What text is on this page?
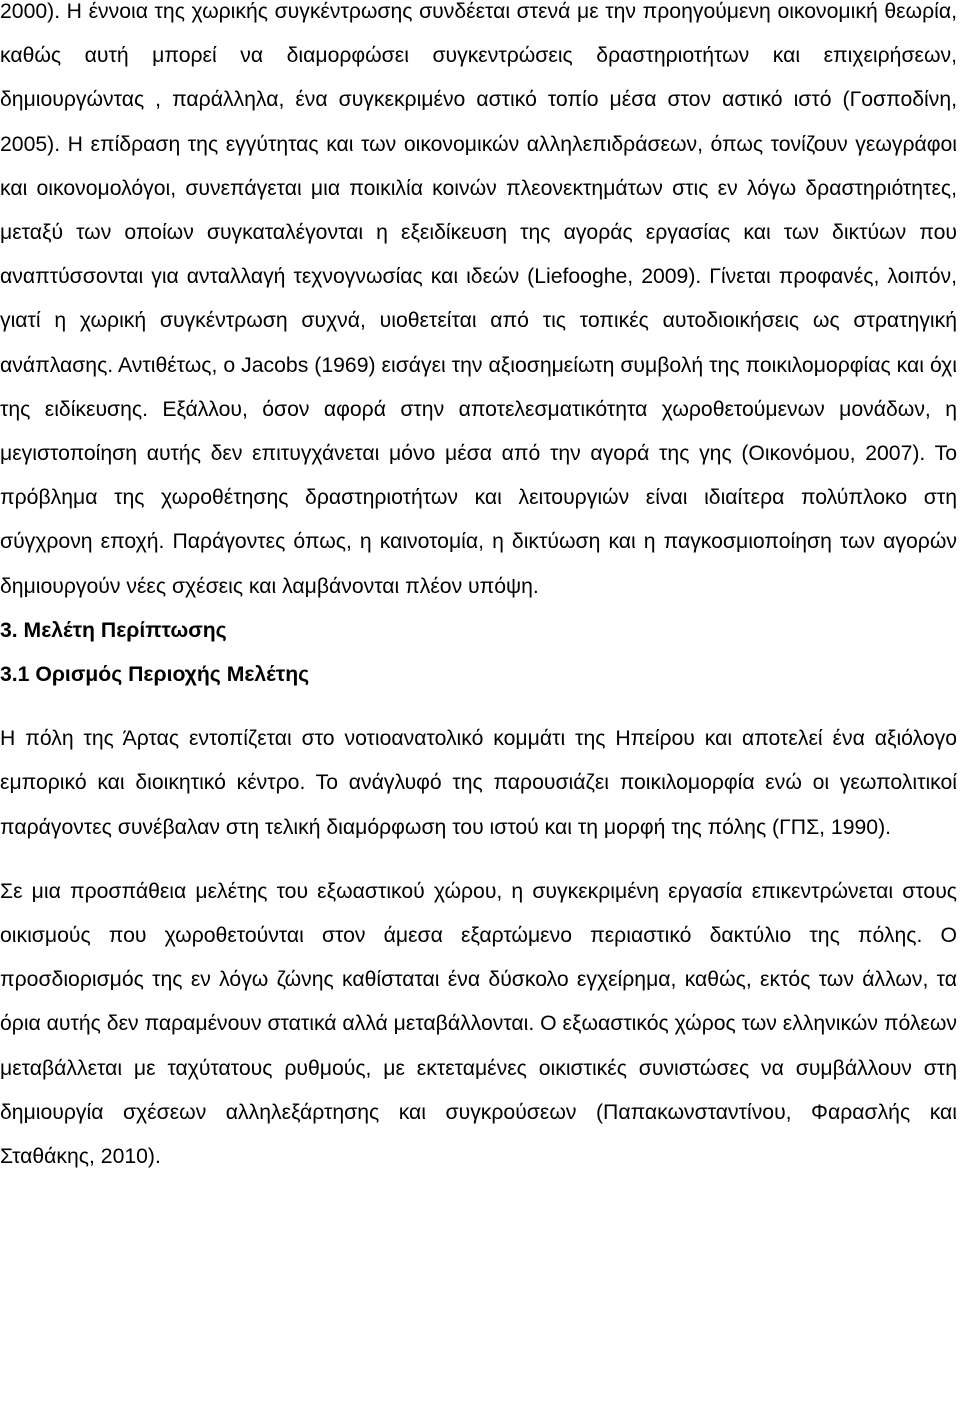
2000). Η έννοια της χωρικής συγκέντρωσης συνδέεται στενά με την προηγούμενη οικονομική θεωρία, καθώς αυτή μπορεί να διαμορφώσει συγκεντρώσεις δραστηριοτήτων και επιχειρήσεων, δημιουργώντας , παράλληλα, ένα συγκεκριμένο αστικό τοπίο μέσα στον αστικό ιστό (Γοσποδίνη, 2005). Η επίδραση της εγγύτητας και των οικονομικών αλληλεπιδράσεων, όπως τονίζουν γεωγράφοι και οικονομολόγοι, συνεπάγεται μια ποικιλία κοινών πλεονεκτημάτων στις εν λόγω δραστηριότητες, μεταξύ των οποίων συγκαταλέγονται η εξειδίκευση της αγοράς εργασίας και των δικτύων που αναπτύσσονται για ανταλλαγή τεχνογνωσίας και ιδεών (Liefooghe, 2009). Γίνεται προφανές, λοιπόν, γιατί η χωρική συγκέντρωση συχνά, υιοθετείται από τις τοπικές αυτοδιοικήσεις ως στρατηγική ανάπλασης. Αντιθέτως, ο Jacobs (1969) εισάγει την αξιοσημείωτη συμβολή της ποικιλομορφίας και όχι της ειδίκευσης. Εξάλλου, όσον αφορά στην αποτελεσματικότητα χωροθετούμενων μονάδων, η μεγιστοποίηση αυτής δεν επιτυγχάνεται μόνο μέσα από την αγορά της γης (Οικονόμου, 2007). Το πρόβλημα της χωροθέτησης δραστηριοτήτων και λειτουργιών είναι ιδιαίτερα πολύπλοκο στη σύγχρονη εποχή. Παράγοντες όπως, η καινοτομία, η δικτύωση και η παγκοσμιοποίηση των αγορών δημιουργούν νέες σχέσεις και λαμβάνονται πλέον υπόψη.

3. Μελέτη Περίπτωσης

3.1 Ορισμός Περιοχής Μελέτης

Η πόλη της Άρτας εντοπίζεται στο νοτιοανατολικό κομμάτι της Ηπείρου και αποτελεί ένα αξιόλογο εμπορικό και διοικητικό κέντρο. Το ανάγλυφό της παρουσιάζει ποικιλομορφία ενώ οι γεωπολιτικοί παράγοντες συνέβαλαν στη τελική διαμόρφωση του ιστού και τη μορφή της πόλης (ΓΠΣ, 1990).

Σε μια προσπάθεια μελέτης του εξωαστικού χώρου, η συγκεκριμένη εργασία επικεντρώνεται στους οικισμούς που χωροθετούνται στον άμεσα εξαρτώμενο περιαστικό δακτύλιο της πόλης. Ο προσδιορισμός της εν λόγω ζώνης καθίσταται ένα δύσκολο εγχείρημα, καθώς, εκτός των άλλων, τα όρια αυτής δεν παραμένουν στατικά αλλά μεταβάλλονται. Ο εξωαστικός χώρος των ελληνικών πόλεων μεταβάλλεται με ταχύτατους ρυθμούς, με εκτεταμένες οικιστικές συνιστώσες να συμβάλλουν στη δημιουργία σχέσεων αλληλεξάρτησης και συγκρούσεων (Παπακωνσταντίνου, Φαρασλής και Σταθάκης, 2010).
